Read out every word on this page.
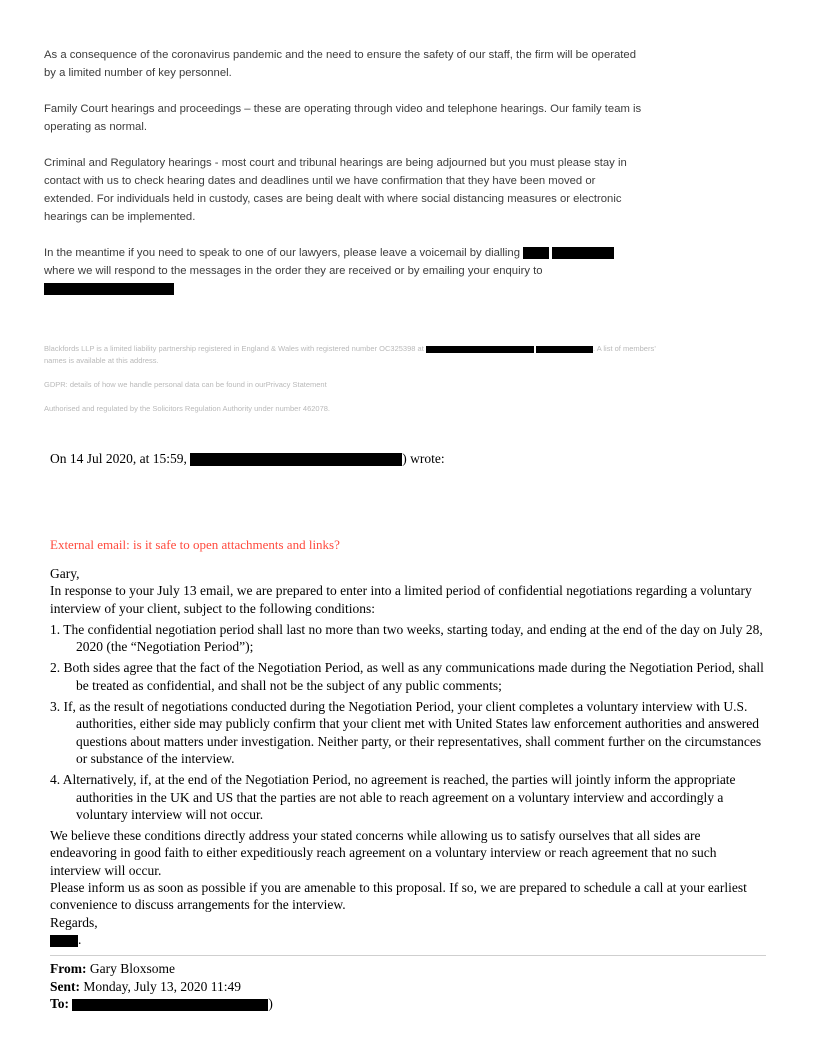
As a consequence of the coronavirus pandemic and the need to ensure the safety of our staff, the firm will be operated by a limited number of key personnel.

Family Court hearings and proceedings – these are operating through video and telephone hearings. Our family team is operating as normal.

Criminal and Regulatory hearings - most court and tribunal hearings are being adjourned but you must please stay in contact with us to check hearing dates and deadlines until we have confirmation that they have been moved or extended. For individuals held in custody, cases are being dealt with where social distancing measures or electronic hearings can be implemented.

In the meantime if you need to speak to one of our lawyers, please leave a voicemail by dialling   where we will respond to the messages in the order they are received or by emailing your enquiry to

Blackfords LLP is a limited liability partnership registered in England & Wales with registered number OC325398 at	. A list of members’ names is available at this address.

GDPR: details of how we handle personal data can be found in ourPrivacy Statement

Authorised and regulated by the Solicitors Regulation Authority under number 462078.

On 14 Jul 2020, at 15:59,	) wrote:

External email: is it safe to open attachments and links?

Gary,

In response to your July 13 email, we are prepared to enter into a limited period of confidential negotiations regarding a voluntary interview of your client, subject to the following conditions:

1. The confidential negotiation period shall last no more than two weeks, starting today, and ending at the end of the day on July 28, 2020 (the “Negotiation Period”);
2. Both sides agree that the fact of the Negotiation Period, as well as any communications made during the Negotiation Period, shall be treated as confidential, and shall not be the subject of any public comments;
3. If, as the result of negotiations conducted during the Negotiation Period, your client completes a voluntary interview with U.S. authorities, either side may publicly confirm that your client met with United States law enforcement authorities and answered questions about matters under investigation. Neither party, or their representatives, shall comment further on the circumstances or substance of the interview.
4. Alternatively, if, at the end of the Negotiation Period, no agreement is reached, the parties will jointly inform the appropriate authorities in the UK and US that the parties are not able to reach agreement on a voluntary interview and accordingly a voluntary interview will not occur.

We believe these conditions directly address your stated concerns while allowing us to satisfy ourselves that all sides are endeavoring in good faith to either expeditiously reach agreement on a voluntary interview or reach agreement that no such interview will occur.

Please inform us as soon as possible if you are amenable to this proposal. If so, we are prepared to schedule a call at your earliest convenience to discuss arrangements for the interview.

Regards,

.

From: Gary Bloxsome

Sent: Monday, July 13, 2020 11:49

To:	)
